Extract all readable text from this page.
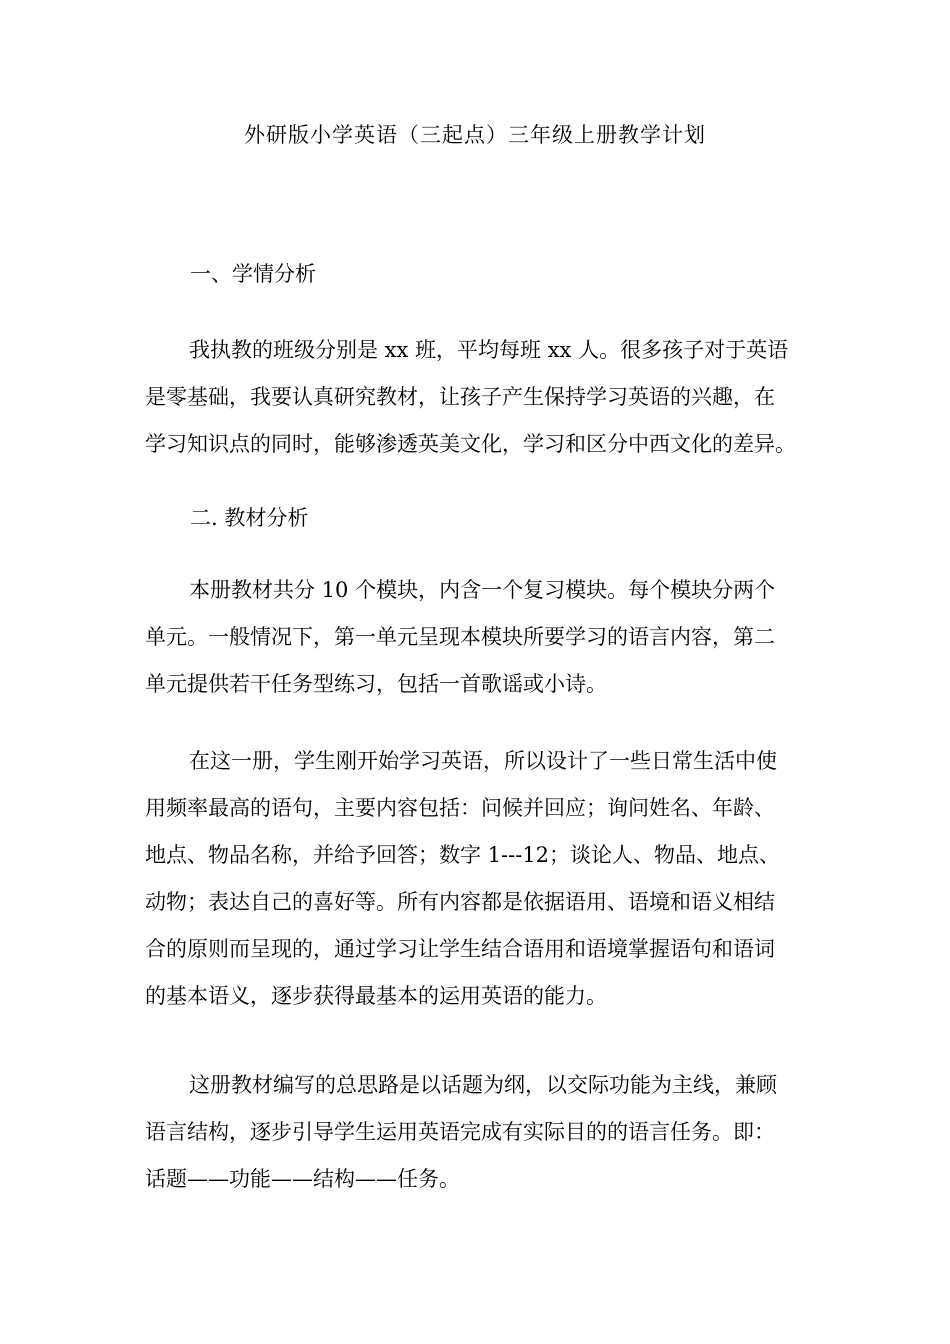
外研版小学英语（三起点）三年级上册教学计划
一、学情分析

我执教的班级分别是 xx 班，平均每班 xx 人。很多孩子对于英语
是零基础，我要认真研究教材，让孩子产生保持学习英语的兴趣，在
学习知识点的同时，能够渗透英美文化，学习和区分中西文化的差异。

二. 教材分析

本册教材共分 10 个模块，内含一个复习模块。每个模块分两个
单元。一般情况下，第一单元呈现本模块所要学习的语言内容，第二
单元提供若干任务型练习，包括一首歌谣或小诗。

在这一册，学生刚开始学习英语，所以设计了一些日常生活中使
用频率最高的语句，主要内容包括：问候并回应；询问姓名、年龄、
地点、物品名称，并给予回答；数字 1---12；谈论人、物品、地点、
动物；表达自己的喜好等。所有内容都是依据语用、语境和语义相结
合的原则而呈现的，通过学习让学生结合语用和语境掌握语句和语词
的基本语义，逐步获得最基本的运用英语的能力。

这册教材编写的总思路是以话题为纲，以交际功能为主线，兼顾
语言结构，逐步引导学生运用英语完成有实际目的的语言任务。即：
话题——功能——结构——任务。
